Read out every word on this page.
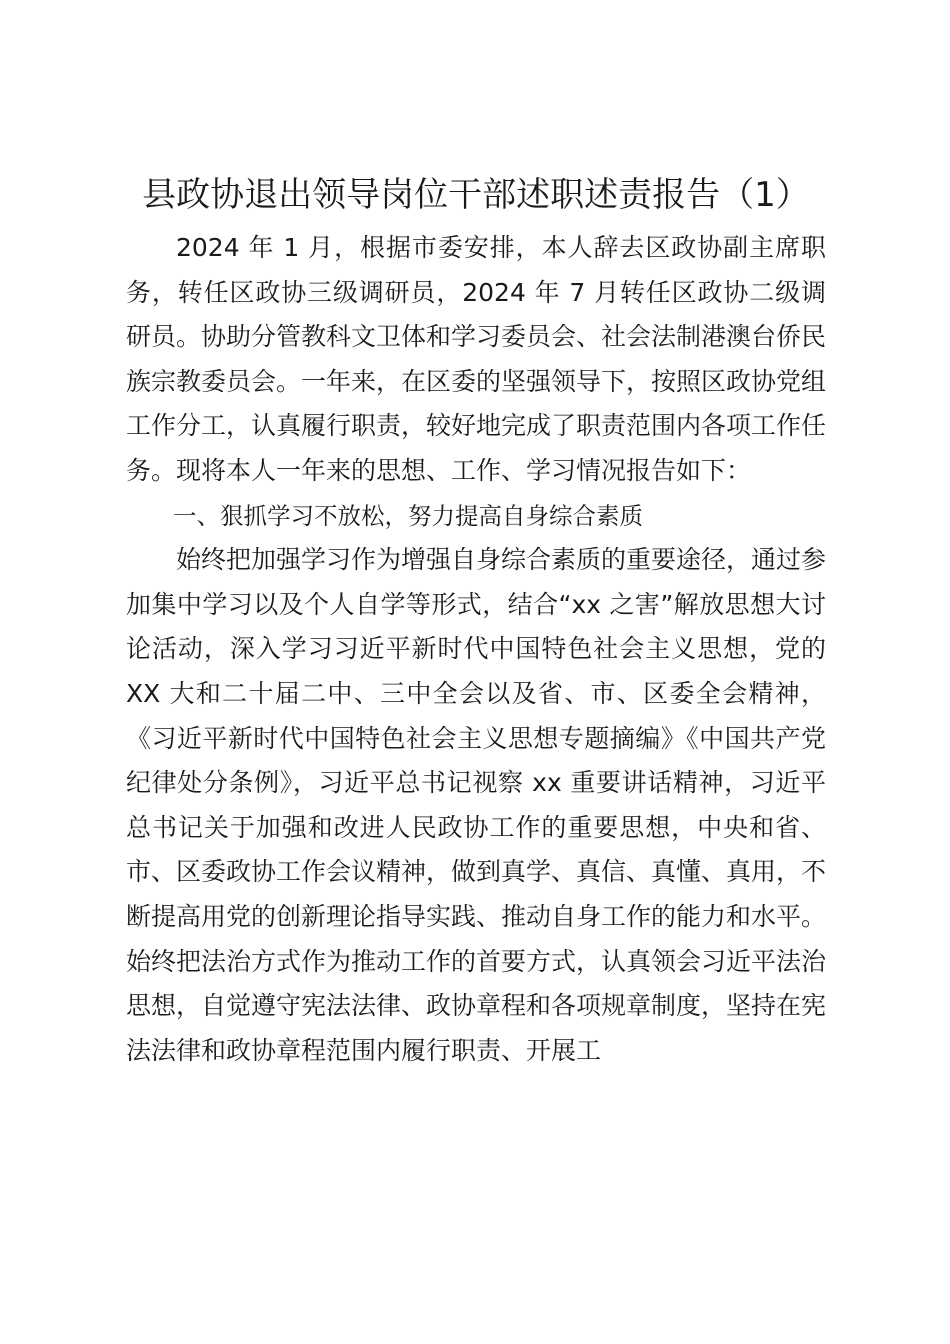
县政协退出领导岗位干部述职述责报告（1）

2024 年 1 月，根据市委安排，本人辞去区政协副主席职务，转任区政协三级调研员，2024 年 7 月转任区政协二级调研员。协助分管教科文卫体和学习委员会、社会法制港澳台侨民族宗教委员会。一年来，在区委的坚强领导下，按照区政协党组工作分工，认真履行职责，较好地完成了职责范围内各项工作任务。现将本人一年来的思想、工作、学习情况报告如下：

一、狠抓学习不放松，努力提高自身综合素质

始终把加强学习作为增强自身综合素质的重要途径，通过参加集中学习以及个人自学等形式，结合“xx 之害”解放思想大讨论活动，深入学习习近平新时代中国特色社会主义思想，党的 XX 大和二十届二中、三中全会以及省、市、区委全会精神，《习近平新时代中国特色社会主义思想专题摘编》《中国共产党纪律处分条例》，习近平总书记视察 xx 重要讲话精神，习近平总书记关于加强和改进人民政协工作的重要思想，中央和省、市、区委政协工作会议精神，做到真学、真信、真懂、真用，不断提高用党的创新理论指导实践、推动自身工作的能力和水平。始终把法治方式作为推动工作的首要方式，认真领会习近平法治思想，自觉遵守宪法法律、政协章程和各项规章制度，坚持在宪法法律和政协章程范围内履行职责、开展工
